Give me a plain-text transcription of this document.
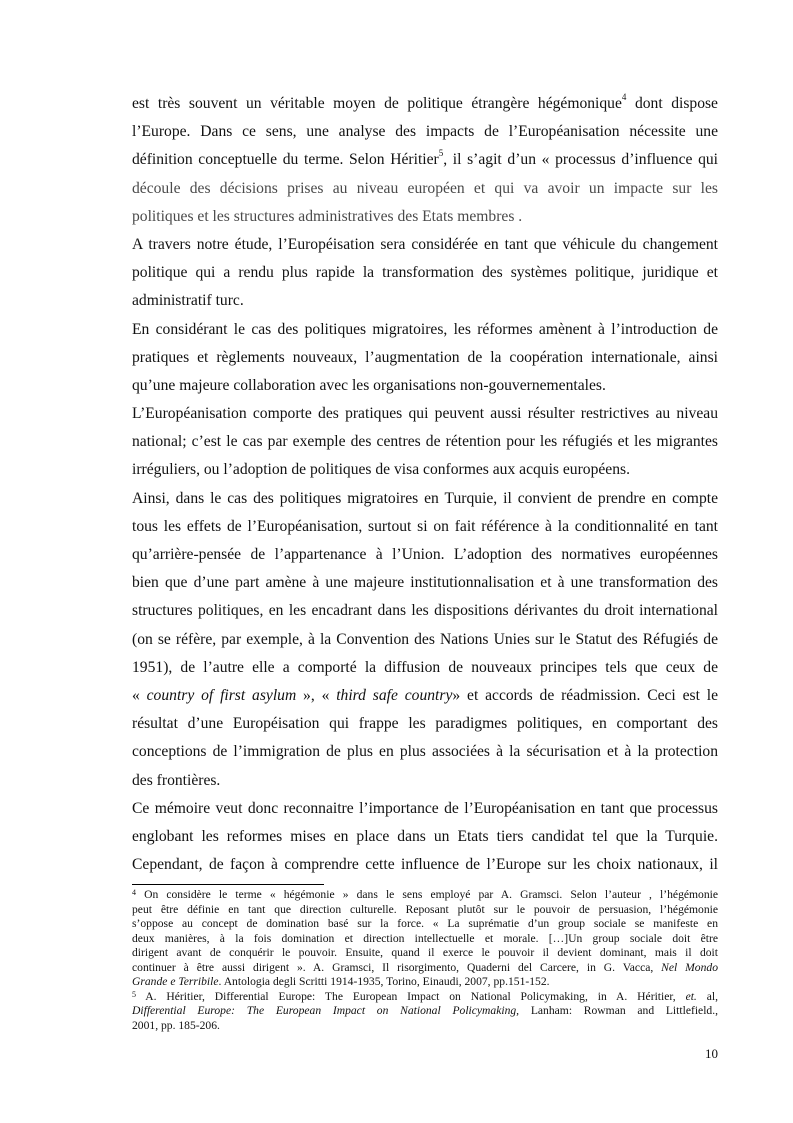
est très souvent un véritable moyen de politique étrangère hégémonique$^4$ dont dispose
l’Europe. Dans ce sens, une analyse des impacts de l’Européanisation nécessite une
définition conceptuelle du terme. Selon Héritier$^5$, il s’agit d’un « processus d’influence qui
découle des décisions prises au niveau européen et qui va avoir un impacte sur les
politiques et les structures administratives des Etats membres .
A travers notre étude, l’Européisation sera considérée en tant que véhicule du changement
politique qui a rendu plus rapide la transformation des systèmes politique, juridique et
administratif turc.
En considérant le cas des politiques migratoires, les réformes amènent à l’introduction de
pratiques et règlements nouveaux, l’augmentation de la coopération internationale, ainsi
qu’une majeure collaboration avec les organisations non-gouvernementales.
L’Européanisation comporte des pratiques qui peuvent aussi résulter restrictives au niveau
national; c’est le cas par exemple des centres de rétention pour les réfugiés et les migrantes
irréguliers, ou l’adoption de politiques de visa conformes aux acquis européens.
Ainsi, dans le cas des politiques migratoires en Turquie, il convient de prendre en compte
tous les effets de l’Européanisation, surtout si on fait référence à la conditionnalité en tant
qu’arrière-pensée de l’appartenance à l’Union. L’adoption des normatives européennes
bien que d’une part amène à une majeure institutionnalisation et à une transformation des
structures politiques, en les encadrant dans les dispositions dérivantes du droit international
(on se réfère, par exemple, à la Convention des Nations Unies sur le Statut des Réfugiés de
1951), de l’autre elle a comporté la diffusion de nouveaux principes tels que ceux de
« country of first asylum », « third safe country» et accords de réadmission. Ceci est le
résultat d’une Européisation qui frappe les paradigmes politiques, en comportant des
conceptions de l’immigration de plus en plus associées à la sécurisation et à la protection
des frontières.
Ce mémoire veut donc reconnaitre l’importance de l’Européanisation en tant que processus
englobant les reformes mises en place dans un Etats tiers candidat tel que la Turquie.
Cependant, de façon à comprendre cette influence de l’Europe sur les choix nationaux, il
$^4$ On considère le terme « hégémonie » dans le sens employé par A. Gramsci. Selon l’auteur , l’hégémonie
peut être définie en tant que direction culturelle. Reposant plutôt sur le pouvoir de persuasion, l’hégémonie
s’oppose au concept de domination basé sur la force. « La suprématie d’un group sociale se manifeste en
deux manières, à la fois domination et direction intellectuelle et morale. […]Un group sociale doit être
dirigent avant de conquérir le pouvoir. Ensuite, quand il exerce le pouvoir il devient dominant, mais il doit
continuer à être aussi dirigent ». A. Gramsci, Il risorgimento, Quaderni del Carcere, in G. Vacca, Nel Mondo
Grande e Terribile. Antologia degli Scritti 1914-1935, Torino, Einaudi, 2007, pp.151-152.
$^5$ A. Héritier, Differential Europe: The European Impact on National Policymaking, in A. Héritier, et. al,
Differential Europe: The European Impact on National Policymaking, Lanham: Rowman and Littlefield.,
2001, pp. 185-206.
10
